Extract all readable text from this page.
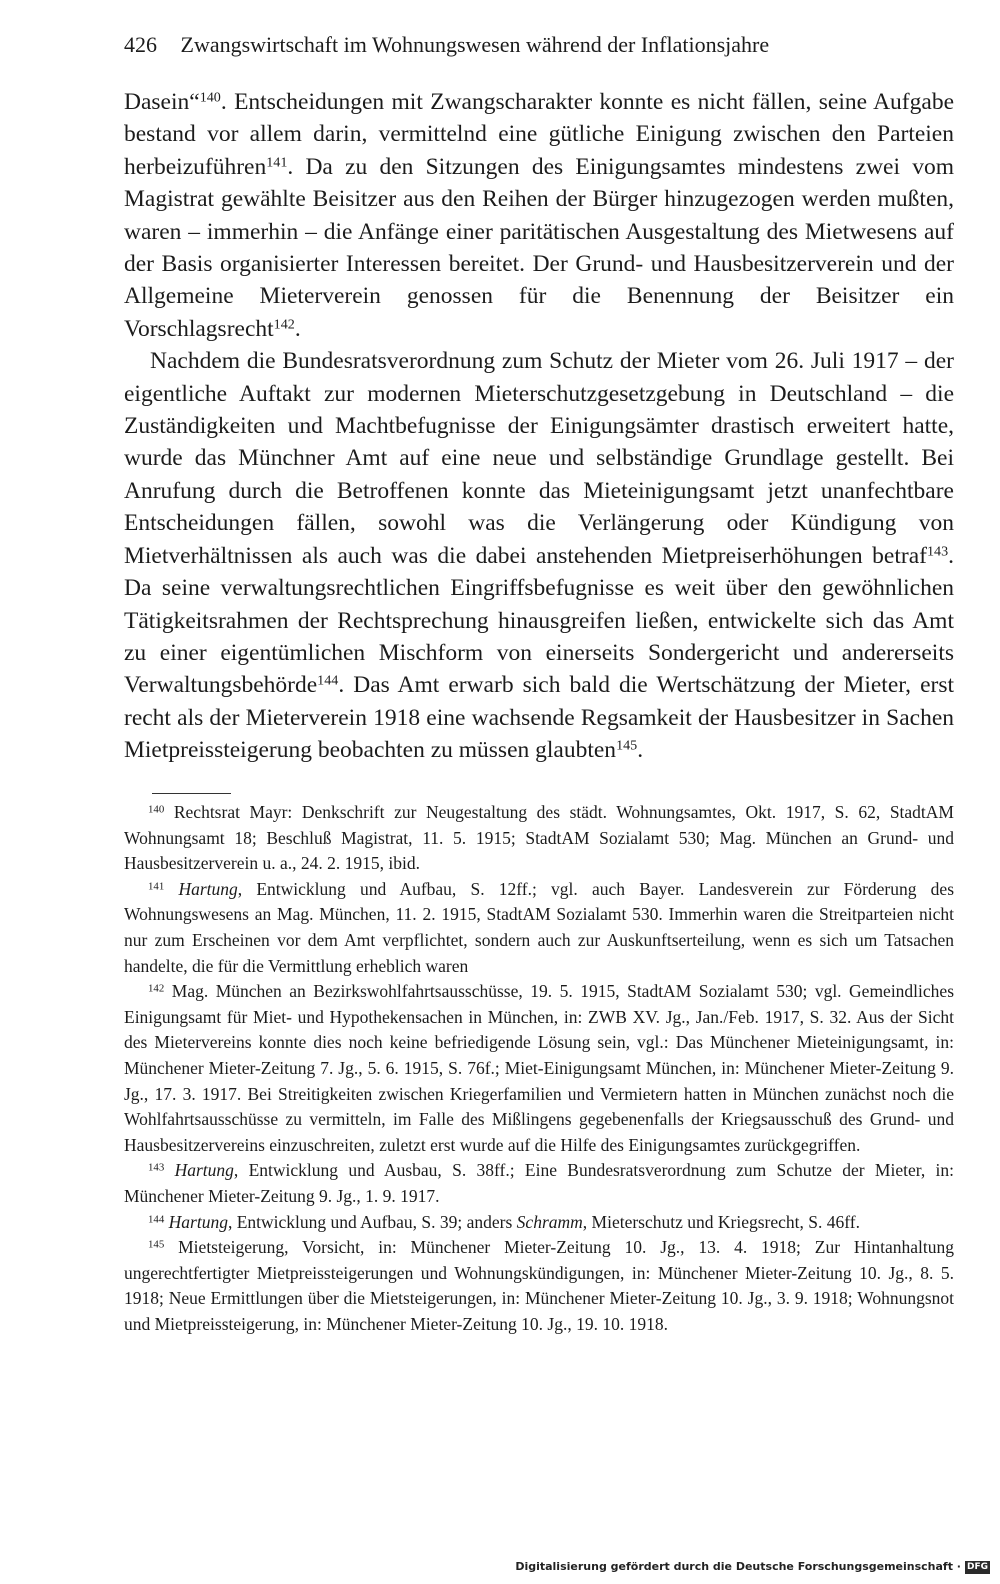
426 Zwangswirtschaft im Wohnungswesen während der Inflationsjahre

Dasein“$^{140}$. Entscheidungen mit Zwangscharakter konnte es nicht fällen, seine Aufgabe bestand vor allem darin, vermittelnd eine gütliche Einigung zwischen den Parteien herbeizuführen$^{141}$. Da zu den Sitzungen des Einigungsamtes mindestens zwei vom Magistrat gewählte Beisitzer aus den Reihen der Bürger hinzugezogen werden mußten, waren – immerhin – die Anfänge einer paritätischen Ausgestaltung des Mietwesens auf der Basis organisierter Interessen bereitet. Der Grund- und Hausbesitzerverein und der Allgemeine Mieterverein genossen für die Benennung der Beisitzer ein Vorschlagsrecht$^{142}$.

Nachdem die Bundesratsverordnung zum Schutz der Mieter vom 26. Juli 1917 – der eigentliche Auftakt zur modernen Mieterschutzgesetzgebung in Deutschland – die Zuständigkeiten und Machtbefugnisse der Einigungsämter drastisch erweitert hatte, wurde das Münchner Amt auf eine neue und selbständige Grundlage gestellt. Bei Anrufung durch die Betroffenen konnte das Mieteinigungsamt jetzt unanfechtbare Entscheidungen fällen, sowohl was die Verlängerung oder Kündigung von Mietverhältnissen als auch was die dabei anstehenden Mietpreiserhöhungen betraf$^{143}$. Da seine verwaltungsrechtlichen Eingriffsbefugnisse es weit über den gewöhnlichen Tätigkeitsrahmen der Rechtsprechung hinausgreifen ließen, entwickelte sich das Amt zu einer eigentümlichen Mischform von einerseits Sondergericht und andererseits Verwaltungsbehörde$^{144}$. Das Amt erwarb sich bald die Wertschätzung der Mieter, erst recht als der Mieterverein 1918 eine wachsende Regsamkeit der Hausbesitzer in Sachen Mietpreissteigerung beobachten zu müssen glaubten$^{145}$.

$^{140}$ Rechtsrat Mayr: Denkschrift zur Neugestaltung des städt. Wohnungsamtes, Okt. 1917, S. 62, StadtAM Wohnungsamt 18; Beschluß Magistrat, 11. 5. 1915; StadtAM Sozialamt 530; Mag. München an Grund- und Hausbesitzerverein u. a., 24. 2. 1915, ibid.

$^{141}$ Hartung, Entwicklung und Aufbau, S. 12ff.; vgl. auch Bayer. Landesverein zur Förderung des Wohnungswesens an Mag. München, 11. 2. 1915, StadtAM Sozialamt 530. Immerhin waren die Streitparteien nicht nur zum Erscheinen vor dem Amt verpflichtet, sondern auch zur Auskunftserteilung, wenn es sich um Tatsachen handelte, die für die Vermittlung erheblich waren

$^{142}$ Mag. München an Bezirkswohlfahrtsausschüsse, 19. 5. 1915, StadtAM Sozialamt 530; vgl. Gemeindliches Einigungsamt für Miet- und Hypothekensachen in München, in: ZWB XV. Jg., Jan./Feb. 1917, S. 32. Aus der Sicht des Mietervereins konnte dies noch keine befriedigende Lösung sein, vgl.: Das Münchener Mieteinigungsamt, in: Münchener Mieter-Zeitung 7. Jg., 5. 6. 1915, S. 76f.; Miet-Einigungsamt München, in: Münchener Mieter-Zeitung 9. Jg., 17. 3. 1917. Bei Streitigkeiten zwischen Kriegerfamilien und Vermietern hatten in München zunächst noch die Wohlfahrtsausschüsse zu vermitteln, im Falle des Mißlingens gegebenenfalls der Kriegsausschuß des Grund- und Hausbesitzervereins einzuschreiten, zuletzt erst wurde auf die Hilfe des Einigungsamtes zurückgegriffen.

$^{143}$ Hartung, Entwicklung und Ausbau, S. 38ff.; Eine Bundesratsverordnung zum Schutze der Mieter, in: Münchener Mieter-Zeitung 9. Jg., 1. 9. 1917.

$^{144}$ Hartung, Entwicklung und Aufbau, S. 39; anders Schramm, Mieterschutz und Kriegsrecht, S. 46ff.

$^{145}$ Mietsteigerung, Vorsicht, in: Münchener Mieter-Zeitung 10. Jg., 13. 4. 1918; Zur Hintanhaltung ungerechtfertigter Mietpreissteigerungen und Wohnungskündigungen, in: Münchener Mieter-Zeitung 10. Jg., 8. 5. 1918; Neue Ermittlungen über die Mietsteigerungen, in: Münchener Mieter-Zeitung 10. Jg., 3. 9. 1918; Wohnungsnot und Mietpreissteigerung, in: Münchener Mieter-Zeitung 10. Jg., 19. 10. 1918.

Digitalisierung gefördert durch die Deutsche Forschungsgemeinschaft · DFG
